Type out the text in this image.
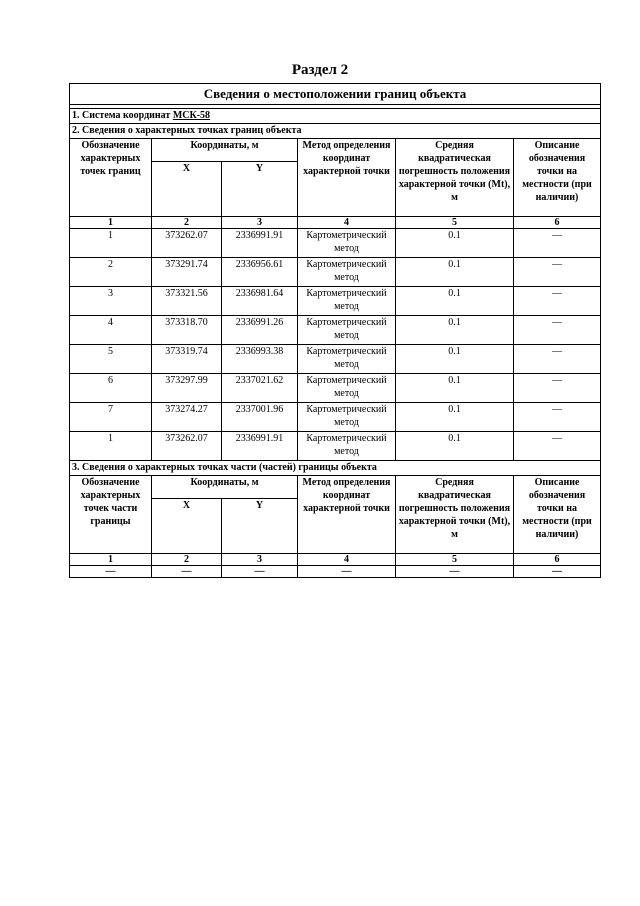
Раздел 2
Сведения о местоположении границ объекта					

1. Система координат МСК-58					
2. Сведения о характерных точках границ объекта					
Обозначение характерных точек границ	Координаты, м		Метод определения координат характерной точки	Средняя квадратическая погрешность положения характерной точки (Mt), м	Описание обозначения точки на местности (при наличии)
	X	Y			
1	2	3	4	5	6
1	373262.07	2336991.91	Картометрический метод	0.1	—
2	373291.74	2336956.61	Картометрический метод	0.1	—
3	373321.56	2336981.64	Картометрический метод	0.1	—
4	373318.70	2336991.26	Картометрический метод	0.1	—
5	373319.74	2336993.38	Картометрический метод	0.1	—
6	373297.99	2337021.62	Картометрический метод	0.1	—
7	373274.27	2337001.96	Картометрический метод	0.1	—
1	373262.07	2336991.91	Картометрический метод	0.1	—
3. Сведения о характерных точках части (частей) границы объекта					
Обозначение характерных точек части границы	Координаты, м		Метод определения координат характерной точки	Средняя квадратическая погрешность положения характерной точки (Mt), м	Описание обозначения точки на местности (при наличии)
	X	Y			
1	2	3	4	5	6
—	—	—	—	—	—
